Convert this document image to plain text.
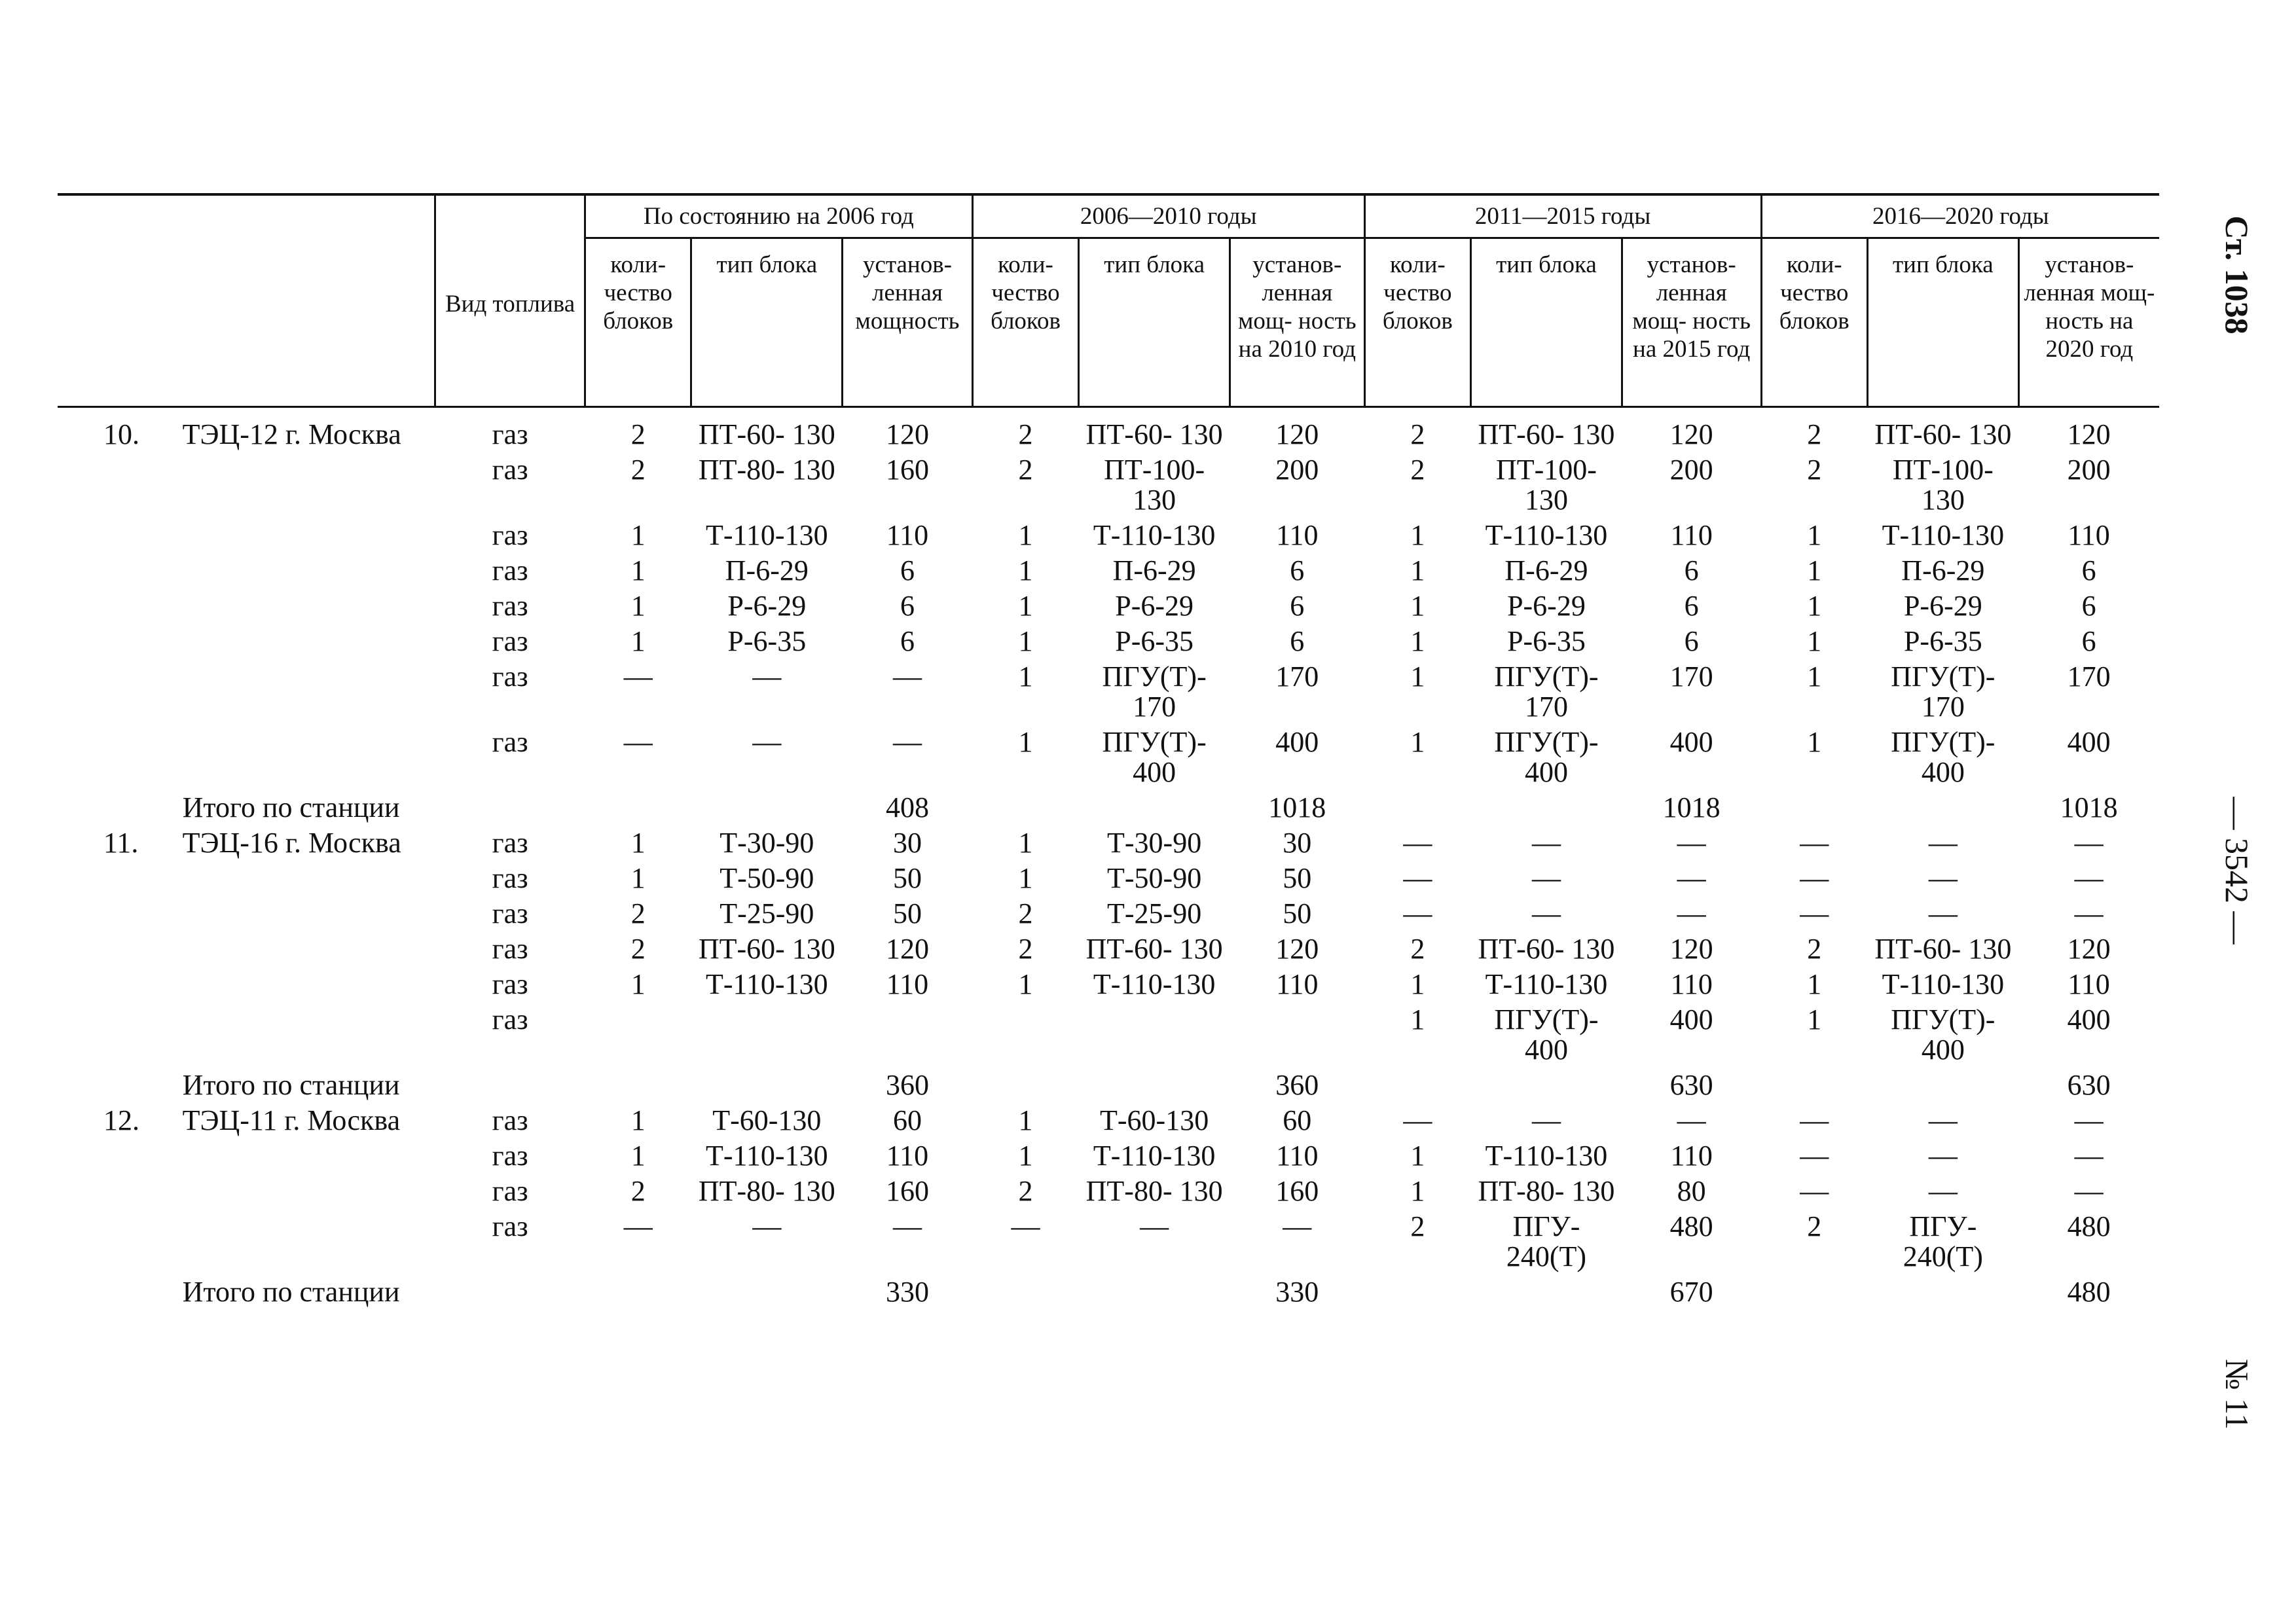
		Вид топлива	По состоянию на 2006 год			2006—2010 годы			2011—2015 годы			2016—2020 годы		
			коли- чество блоков	тип блока	установ- ленная мощность	коли- чество блоков	тип блока	установ- ленная мощ- ность на 2010 год	коли- чество блоков	тип блока	установ- ленная мощ- ность на 2015 год	коли- чество блоков	тип блока	установ- ленная мощ- ность на 2020 год
10.	ТЭЦ-12 г. Москва	газ	2	ПТ-60- 130	120	2	ПТ-60- 130	120	2	ПТ-60- 130	120	2	ПТ-60- 130	120
		газ	2	ПТ-80- 130	160	2	ПТ-100- 130	200	2	ПТ-100- 130	200	2	ПТ-100- 130	200
		газ	1	Т-110-130	110	1	Т-110-130	110	1	Т-110-130	110	1	Т-110-130	110
		газ	1	П-6-29	6	1	П-6-29	6	1	П-6-29	6	1	П-6-29	6
		газ	1	Р-6-29	6	1	Р-6-29	6	1	Р-6-29	6	1	Р-6-29	6
		газ	1	Р-6-35	6	1	Р-6-35	6	1	Р-6-35	6	1	Р-6-35	6
		газ	—	—	—	1	ПГУ(Т)- 170	170	1	ПГУ(Т)- 170	170	1	ПГУ(Т)- 170	170
		газ	—	—	—	1	ПГУ(Т)- 400	400	1	ПГУ(Т)- 400	400	1	ПГУ(Т)- 400	400
	Итого по станции				408			1018			1018			1018
11.	ТЭЦ-16 г. Москва	газ	1	Т-30-90	30	1	Т-30-90	30	—	—	—	—	—	—
		газ	1	Т-50-90	50	1	Т-50-90	50	—	—	—	—	—	—
		газ	2	Т-25-90	50	2	Т-25-90	50	—	—	—	—	—	—
		газ	2	ПТ-60- 130	120	2	ПТ-60- 130	120	2	ПТ-60- 130	120	2	ПТ-60- 130	120
		газ	1	Т-110-130	110	1	Т-110-130	110	1	Т-110-130	110	1	Т-110-130	110
		газ							1	ПГУ(Т)- 400	400	1	ПГУ(Т)- 400	400
	Итого по станции				360			360			630			630
12.	ТЭЦ-11 г. Москва	газ	1	Т-60-130	60	1	Т-60-130	60	—	—	—	—	—	—
		газ	1	Т-110-130	110	1	Т-110-130	110	1	Т-110-130	110	—	—	—
		газ	2	ПТ-80- 130	160	2	ПТ-80- 130	160	1	ПТ-80- 130	80	—	—	—
		газ	—	—	—	—	—	—	2	ПГУ- 240(Т)	480	2	ПГУ- 240(Т)	480
	Итого по станции				330			330			670			480
Ст. 1038
— 3542 —
№ 11
